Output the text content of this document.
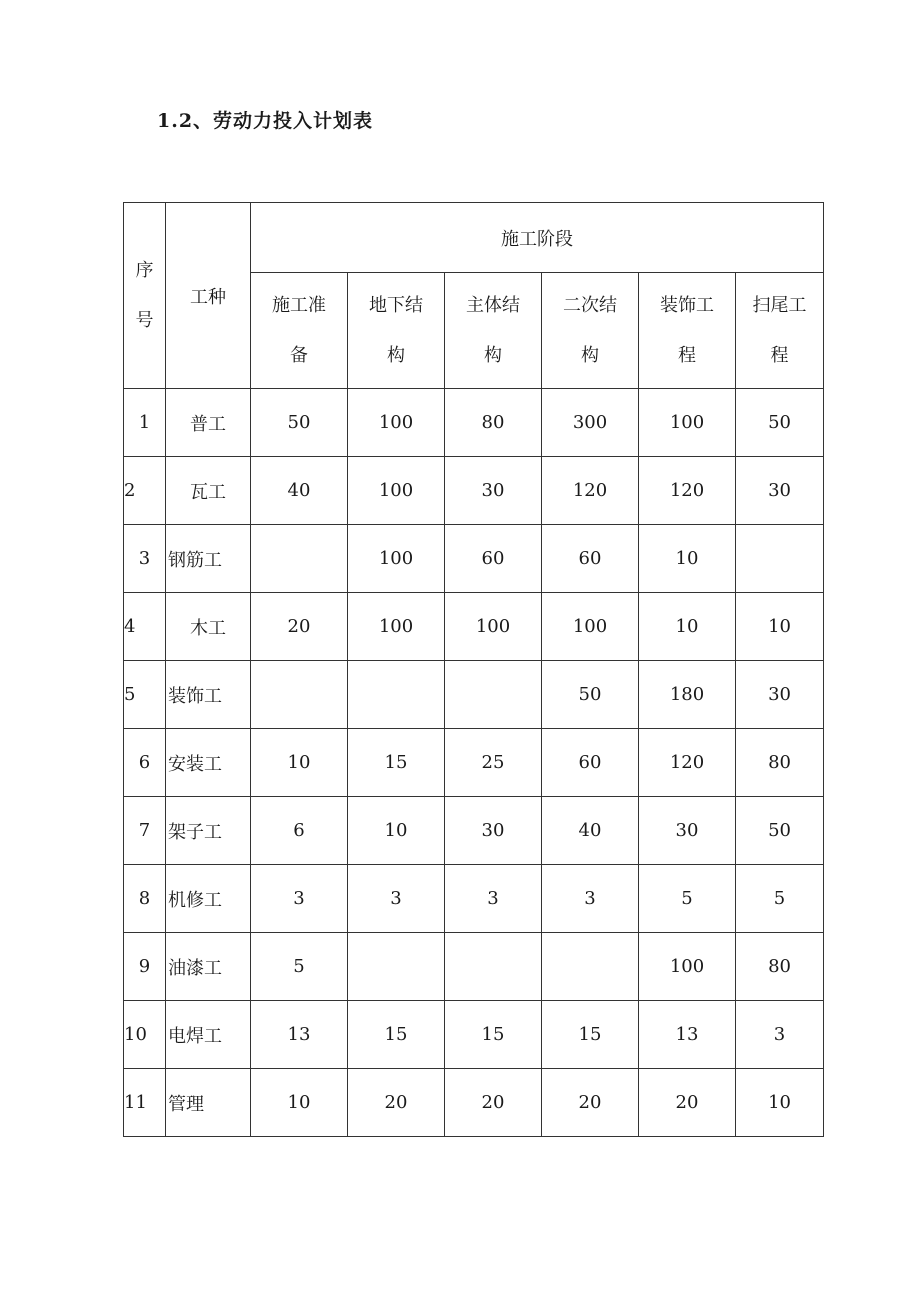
1.2、劳动力投入计划表
序
号	工种	施工阶段					

		施工准备	地下结构	主体结构	二次结构	装饰工程	扫尾工程

1	普工	50	100	80	300	100	50
2	瓦工	40	100	30	120	120	30
3	钢筋工		100	60	60	10	
4	木工	20	100	100	100	10	10
5	装饰工				50	180	30
6	安装工	10	15	25	60	120	80
7	架子工	6	10	30	40	30	50
8	机修工	3	3	3	3	5	5
9	油漆工	5				100	80
10	电焊工	13	15	15	15	13	3
11	管理	10	20	20	20	20	10
